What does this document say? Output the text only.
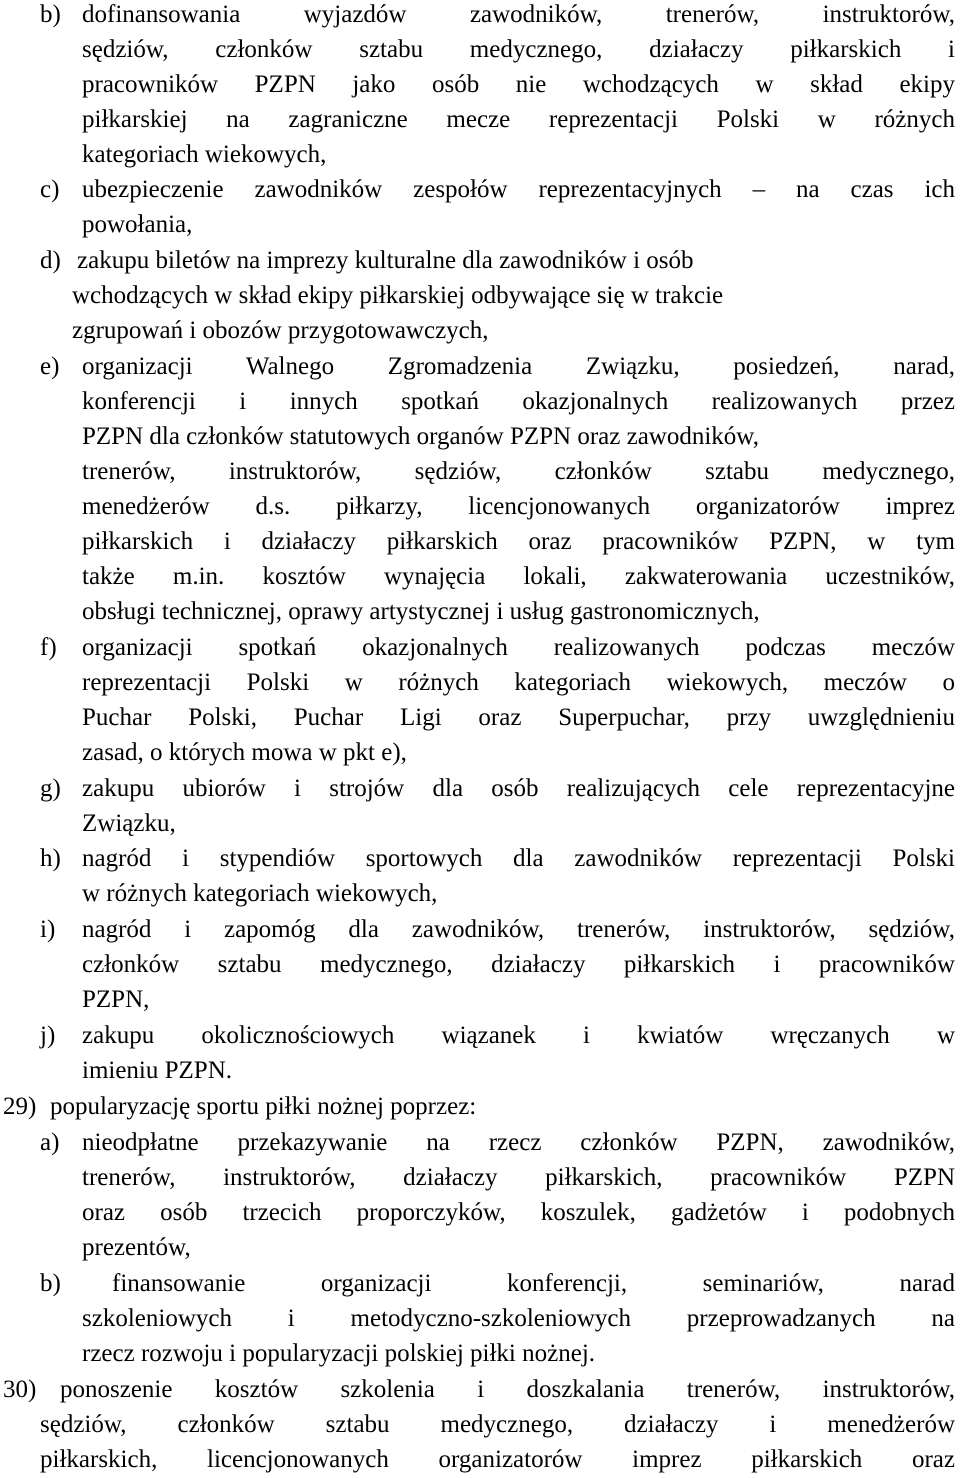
b) dofinansowania wyjazdów zawodników, trenerów, instruktorów,
sędziów, członków sztabu medycznego, działaczy piłkarskich i
pracowników PZPN jako osób nie wchodzących w skład ekipy
piłkarskiej na zagraniczne mecze reprezentacji Polski w różnych
kategoriach wiekowych,
c) ubezpieczenie zawodników zespołów reprezentacyjnych – na czas ich
powołania,
d) zakupu biletów na imprezy kulturalne dla zawodników i osób
wchodzących w skład ekipy piłkarskiej odbywające się w trakcie
zgrupowań i obozów przygotowawczych,
e) organizacji Walnego Zgromadzenia Związku, posiedzeń, narad,
konferencji i innych spotkań okazjonalnych realizowanych przez
PZPN dla członków statutowych organów PZPN oraz zawodników,
trenerów, instruktorów, sędziów, członków sztabu medycznego,
menedżerów d.s. piłkarzy, licencjonowanych organizatorów imprez
piłkarskich i działaczy piłkarskich oraz pracowników PZPN, w tym
także m.in. kosztów wynajęcia lokali, zakwaterowania uczestników,
obsługi technicznej, oprawy artystycznej i usług gastronomicznych,
f) organizacji spotkań okazjonalnych realizowanych podczas meczów
reprezentacji Polski w różnych kategoriach wiekowych, meczów o
Puchar Polski, Puchar Ligi oraz Superpuchar, przy uwzględnieniu
zasad, o których mowa w pkt e),
g) zakupu ubiorów i strojów dla osób realizujących cele reprezentacyjne
Związku,
h) nagród i stypendiów sportowych dla zawodników reprezentacji Polski
w różnych kategoriach wiekowych,
i) nagród i zapomóg dla zawodników, trenerów, instruktorów, sędziów,
członków sztabu medycznego, działaczy piłkarskich i pracowników
PZPN,
j) zakupu okolicznościowych wiązanek i kwiatów wręczanych w
imieniu PZPN.
29) popularyzację sportu piłki nożnej poprzez:
a) nieodpłatne przekazywanie na rzecz członków PZPN, zawodników,
trenerów, instruktorów, działaczy piłkarskich, pracowników PZPN
oraz osób trzecich proporczyków, koszulek, gadżetów i podobnych
prezentów,
b) finansowanie organizacji konferencji, seminariów, narad
szkoleniowych i metodyczno-szkoleniowych przeprowadzanych na
rzecz rozwoju i popularyzacji polskiej piłki nożnej.
30) ponoszenie kosztów szkolenia i doszkalania trenerów, instruktorów,
sędziów, członków sztabu medycznego, działaczy i menedżerów
piłkarskich, licencjonowanych organizatorów imprez piłkarskich oraz
